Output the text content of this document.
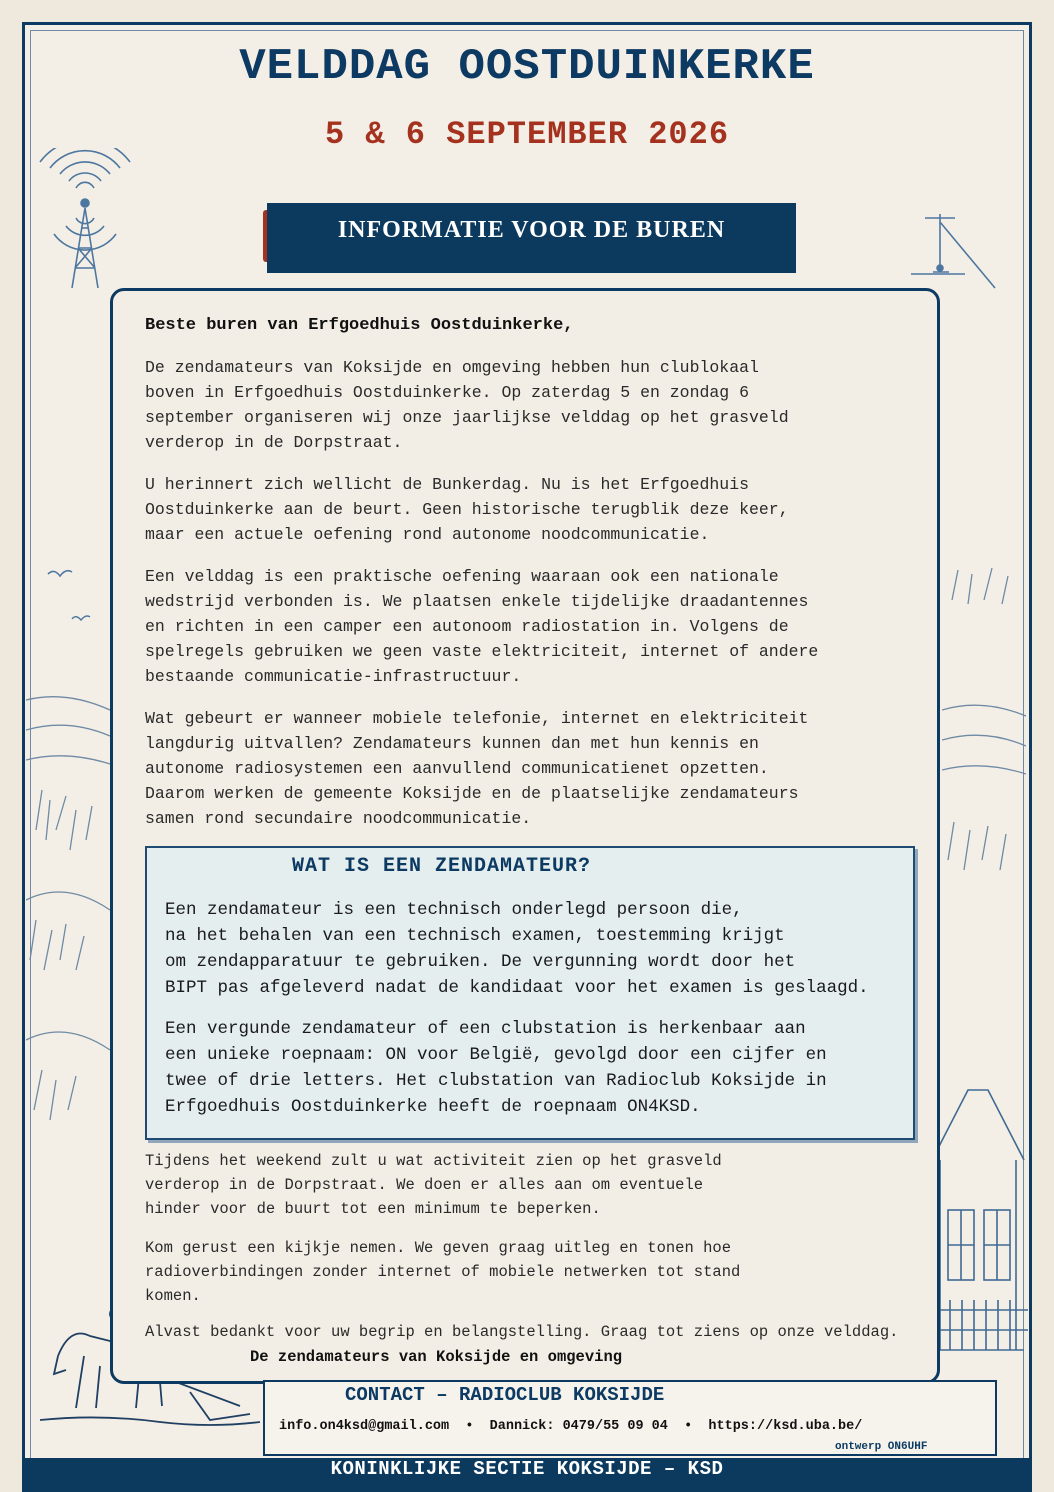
VELDDAG OOSTDUINKERKE
5 & 6 SEPTEMBER 2026
INFORMATIE VOOR DE BUREN
Beste buren van Erfgoedhuis Oostduinkerke,
De zendamateurs van Koksijde en omgeving hebben hun clublokaal
boven in Erfgoedhuis Oostduinkerke. Op zaterdag 5 en zondag 6
september organiseren wij onze jaarlijkse velddag op het grasveld
verderop in de Dorpstraat.
U herinnert zich wellicht de Bunkerdag. Nu is het Erfgoedhuis
Oostduinkerke aan de beurt. Geen historische terugblik deze keer,
maar een actuele oefening rond autonome noodcommunicatie.
Een velddag is een praktische oefening waaraan ook een nationale
wedstrijd verbonden is. We plaatsen enkele tijdelijke draadantennes
en richten in een camper een autonoom radiostation in. Volgens de
spelregels gebruiken we geen vaste elektriciteit, internet of andere
bestaande communicatie-infrastructuur.
Wat gebeurt er wanneer mobiele telefonie, internet en elektriciteit
langdurig uitvallen? Zendamateurs kunnen dan met hun kennis en
autonome radiosystemen een aanvullend communicatienet opzetten.
Daarom werken de gemeente Koksijde en de plaatselijke zendamateurs
samen rond secundaire noodcommunicatie.
WAT IS EEN ZENDAMATEUR?
Een zendamateur is een technisch onderlegd persoon die,
na het behalen van een technisch examen, toestemming krijgt
om zendapparatuur te gebruiken. De vergunning wordt door het
BIPT pas afgeleverd nadat de kandidaat voor het examen is geslaagd.
Een vergunde zendamateur of een clubstation is herkenbaar aan
een unieke roepnaam: ON voor België, gevolgd door een cijfer en
twee of drie letters. Het clubstation van Radioclub Koksijde in
Erfgoedhuis Oostduinkerke heeft de roepnaam ON4KSD.
Tijdens het weekend zult u wat activiteit zien op het grasveld
verderop in de Dorpstraat. We doen er alles aan om eventuele
hinder voor de buurt tot een minimum te beperken.
Kom gerust een kijkje nemen. We geven graag uitleg en tonen hoe
radioverbindingen zonder internet of mobiele netwerken tot stand
komen.
Alvast bedankt voor uw begrip en belangstelling. Graag tot ziens op onze velddag.
De zendamateurs van Koksijde en omgeving
CONTACT – RADIOCLUB KOKSIJDE
info.on4ksd@gmail.com • Dannick: 0479/55 09 04 • https://ksd.uba.be/
ontwerp ON6UHF
KONINKLIJKE SECTIE KOKSIJDE – KSD
